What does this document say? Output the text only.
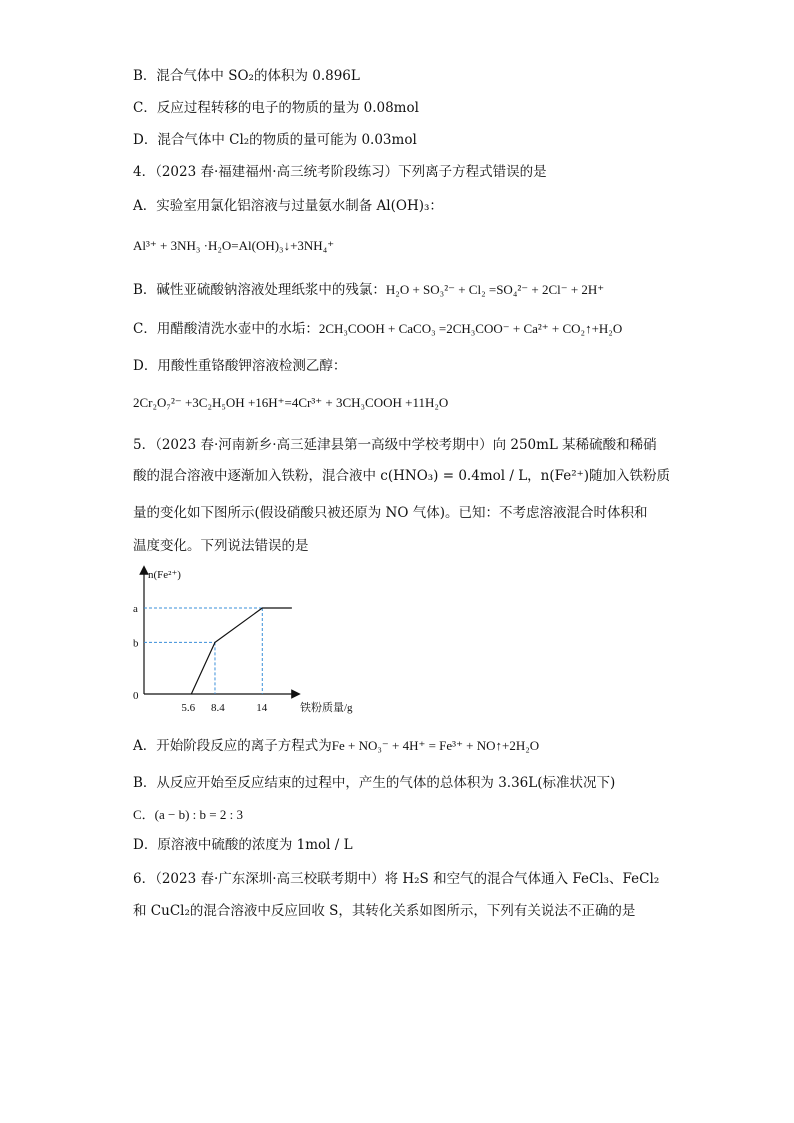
B．混合气体中 SO₂的体积为 0.896L
C．反应过程转移的电子的物质的量为 0.08mol
D．混合气体中 Cl₂的物质的量可能为 0.03mol
4．（2023 春·福建福州·高三统考阶段练习）下列离子方程式错误的是
A．实验室用氯化铝溶液与过量氨水制备 Al(OH)₃：
Al³⁺ + 3NH₃ ·H₂O=Al(OH)₃↓+3NH₄⁺
B．碱性亚硫酸钠溶液处理纸浆中的残氯：H₂O + SO₃²⁻ + Cl₂ =SO₄²⁻ + 2Cl⁻ + 2H⁺
C．用醋酸清洗水壶中的水垢：2CH₃COOH + CaCO₃ =2CH₃COO⁻ + Ca²⁺ + CO₂↑+H₂O
D．用酸性重铬酸钾溶液检测乙醇：
2Cr₂O₇²⁻ +3C₂H₅OH +16H⁺=4Cr³⁺ + 3CH₃COOH +11H₂O
5．（2023 春·河南新乡·高三延津县第一高级中学校考期中）向 250mL 某稀硫酸和稀硝
酸的混合溶液中逐渐加入铁粉，混合液中 c(HNO₃) = 0.4mol / L，n(Fe²⁺)随加入铁粉质
量的变化如下图所示(假设硝酸只被还原为 NO 气体)。已知：不考虑溶液混合时体积和
温度变化。下列说法错误的是
n(Fe²⁺)
铁粉质量/g
0
5.6 8.4	14
b
a
A．开始阶段反应的离子方程式为Fe + NO₃⁻ + 4H⁺ = Fe³⁺ + NO↑+2H₂O
B．从反应开始至反应结束的过程中，产生的气体的总体积为 3.36L(标准状况下)
C．(a − b) : b = 2 : 3
D．原溶液中硫酸的浓度为 1mol / L
6．（2023 春·广东深圳·高三校联考期中）将 H₂S 和空气的混合气体通入 FeCl₃、FeCl₂
和 CuCl₂的混合溶液中反应回收 S，其转化关系如图所示，下列有关说法不正确的是
